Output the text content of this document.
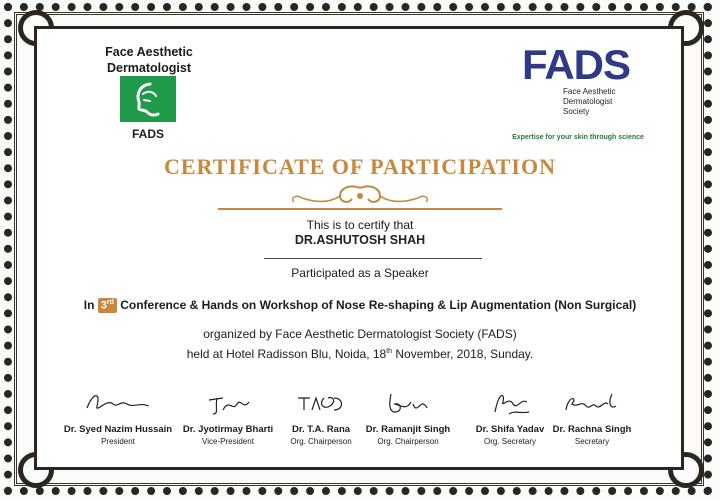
Face Aesthetic
Dermatologist
FADS
FADS
Face Aesthetic
Dermatologist
Society
Expertise for your skin through science
CERTIFICATE OF PARTICIPATION
This is to certify that
DR.ASHUTOSH SHAH
Participated as a Speaker
In 3rd Conference & Hands on Workshop of Nose Re-shaping & Lip Augmentation (Non Surgical)
organized by Face Aesthetic Dermatologist Society (FADS)
held at Hotel Radisson Blu, Noida, 18th November, 2018, Sunday.
Dr. Syed Nazim Hussain
President
Dr. Jyotirmay Bharti
Vice-President
Dr. T.A. Rana
Org. Chairperson
Dr. Ramanjit Singh
Org. Chairperson
Dr. Shifa Yadav
Org. Secretary
Dr. Rachna Singh
Secretary
